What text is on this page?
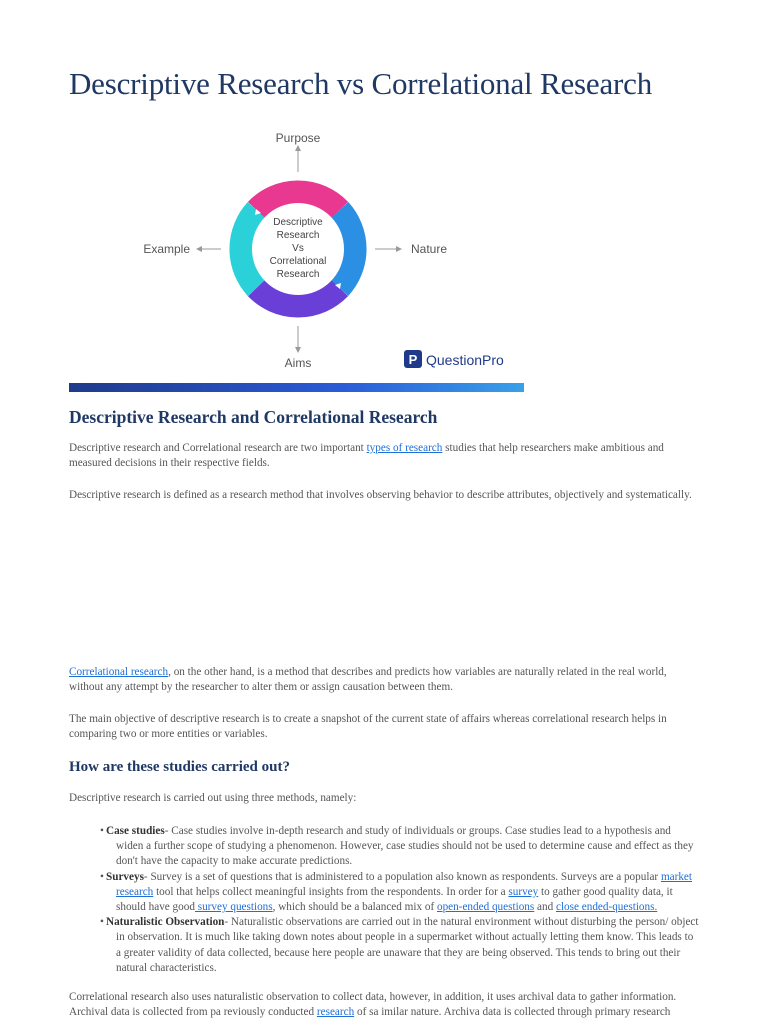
Descriptive Research vs Correlational Research
Descriptive
Research
Vs
Correlational
Research
Purpose
Aims
Nature
Example
P QuestionPro
Descriptive Research and Correlational Research

Descriptive research and Correlational research are two important types of research studies that help researchers make ambitious and measured decisions in their respective fields.

Descriptive research is defined as a research method that involves observing behavior to describe attributes, objectively and systematically.

Correlational research, on the other hand, is a method that describes and predicts how variables are naturally related in the real world, without any attempt by the researcher to alter them or assign causation between them.

The main objective of descriptive research is to create a snapshot of the current state of affairs whereas correlational research helps in comparing two or more entities or variables.

How are these studies carried out?

Descriptive research is carried out using three methods, namely:

• Case studies- Case studies involve in-depth research and study of individuals or groups. Case studies lead to a hypothesis and widen a further scope of studying a phenomenon. However, case studies should not be used to determine cause and effect as they don't have the capacity to make accurate predictions.
• Surveys- Survey is a set of questions that is administered to a population also known as respondents. Surveys are a popular market research tool that helps collect meaningful insights from the respondents. In order for a survey to gather good quality data, it should have good survey questions, which should be a balanced mix of open-ended questions and close ended-questions.
• Naturalistic Observation- Naturalistic observations are carried out in the natural environment without disturbing the person/ object in observation. It is much like taking down notes about people in a supermarket without actually letting them know. This leads to a greater validity of data collected, because here people are unaware that they are being observed. This tends to bring out their natural characteristics.

Correlational research also uses naturalistic observation to collect data, however, in addition, it uses archival data to gather information. Archival data is collected from pa reviously conducted research of sa imilar nature. Archiva data is collected through primary research
